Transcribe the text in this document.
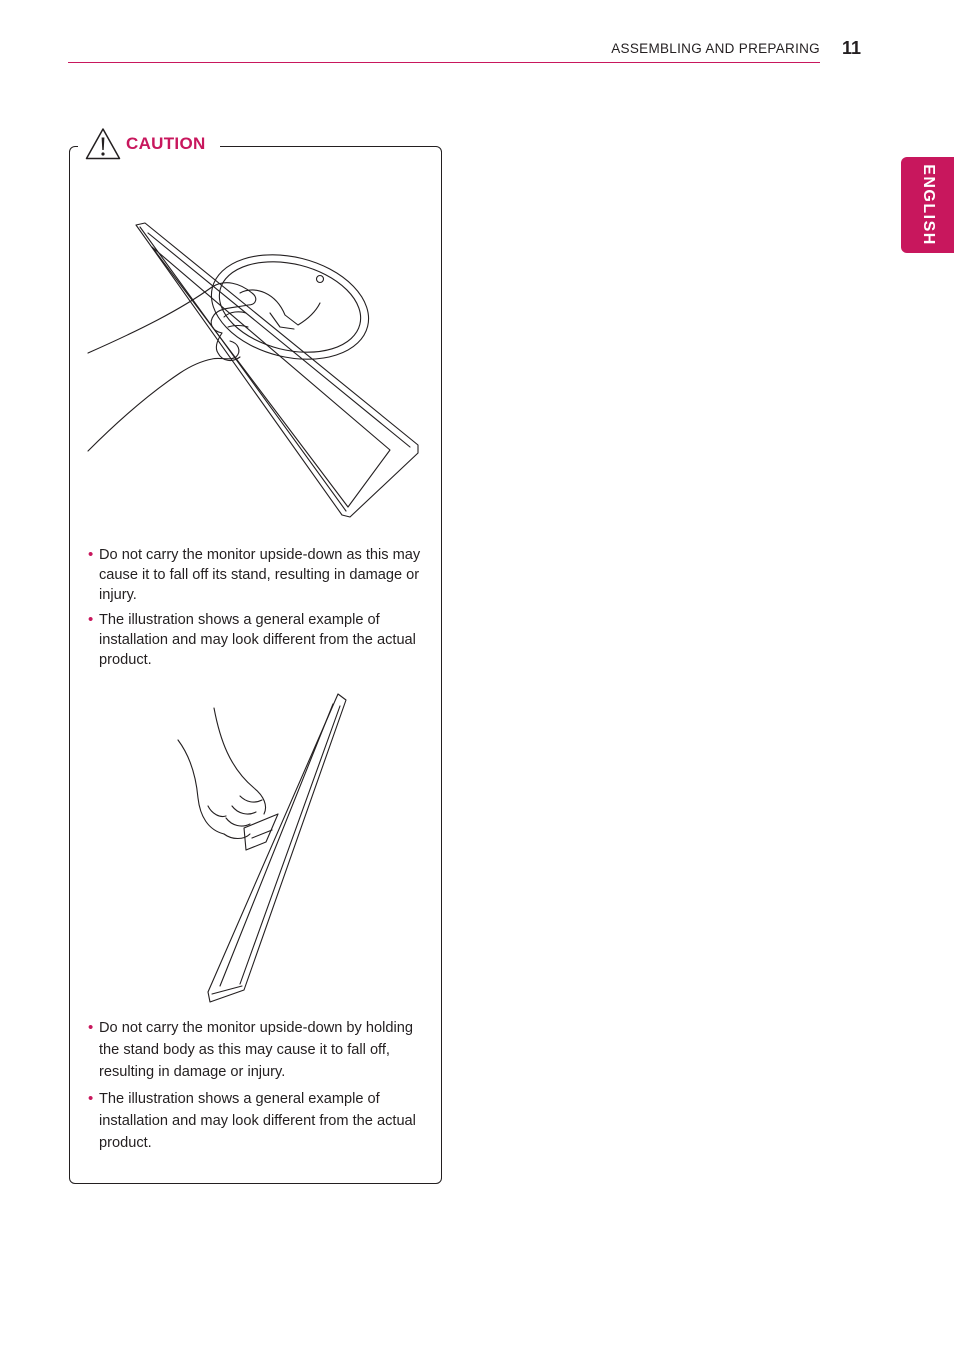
ASSEMBLING AND PREPARING 11
ENGLISH
CAUTION
• Do not carry the monitor upside-down as this may cause it to fall off its stand, resulting in damage or injury.
• The illustration shows a general example of installation and may look different from the actual product.
• Do not carry the monitor upside-down by holding the stand body as this may cause it to fall off, resulting in damage or injury.
• The illustration shows a general example of installation and may look different from the actual product.
